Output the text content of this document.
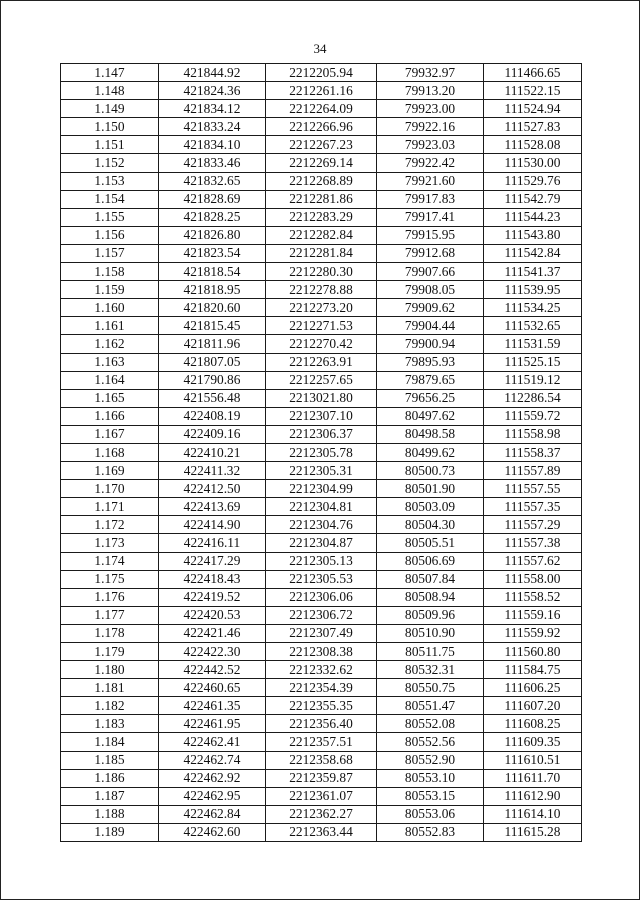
34
1.147	421844.92	2212205.94	79932.97	111466.65
1.148	421824.36	2212261.16	79913.20	111522.15
1.149	421834.12	2212264.09	79923.00	111524.94
1.150	421833.24	2212266.96	79922.16	111527.83
1.151	421834.10	2212267.23	79923.03	111528.08
1.152	421833.46	2212269.14	79922.42	111530.00
1.153	421832.65	2212268.89	79921.60	111529.76
1.154	421828.69	2212281.86	79917.83	111542.79
1.155	421828.25	2212283.29	79917.41	111544.23
1.156	421826.80	2212282.84	79915.95	111543.80
1.157	421823.54	2212281.84	79912.68	111542.84
1.158	421818.54	2212280.30	79907.66	111541.37
1.159	421818.95	2212278.88	79908.05	111539.95
1.160	421820.60	2212273.20	79909.62	111534.25
1.161	421815.45	2212271.53	79904.44	111532.65
1.162	421811.96	2212270.42	79900.94	111531.59
1.163	421807.05	2212263.91	79895.93	111525.15
1.164	421790.86	2212257.65	79879.65	111519.12
1.165	421556.48	2213021.80	79656.25	112286.54
1.166	422408.19	2212307.10	80497.62	111559.72
1.167	422409.16	2212306.37	80498.58	111558.98
1.168	422410.21	2212305.78	80499.62	111558.37
1.169	422411.32	2212305.31	80500.73	111557.89
1.170	422412.50	2212304.99	80501.90	111557.55
1.171	422413.69	2212304.81	80503.09	111557.35
1.172	422414.90	2212304.76	80504.30	111557.29
1.173	422416.11	2212304.87	80505.51	111557.38
1.174	422417.29	2212305.13	80506.69	111557.62
1.175	422418.43	2212305.53	80507.84	111558.00
1.176	422419.52	2212306.06	80508.94	111558.52
1.177	422420.53	2212306.72	80509.96	111559.16
1.178	422421.46	2212307.49	80510.90	111559.92
1.179	422422.30	2212308.38	80511.75	111560.80
1.180	422442.52	2212332.62	80532.31	111584.75
1.181	422460.65	2212354.39	80550.75	111606.25
1.182	422461.35	2212355.35	80551.47	111607.20
1.183	422461.95	2212356.40	80552.08	111608.25
1.184	422462.41	2212357.51	80552.56	111609.35
1.185	422462.74	2212358.68	80552.90	111610.51
1.186	422462.92	2212359.87	80553.10	111611.70
1.187	422462.95	2212361.07	80553.15	111612.90
1.188	422462.84	2212362.27	80553.06	111614.10
1.189	422462.60	2212363.44	80552.83	111615.28
